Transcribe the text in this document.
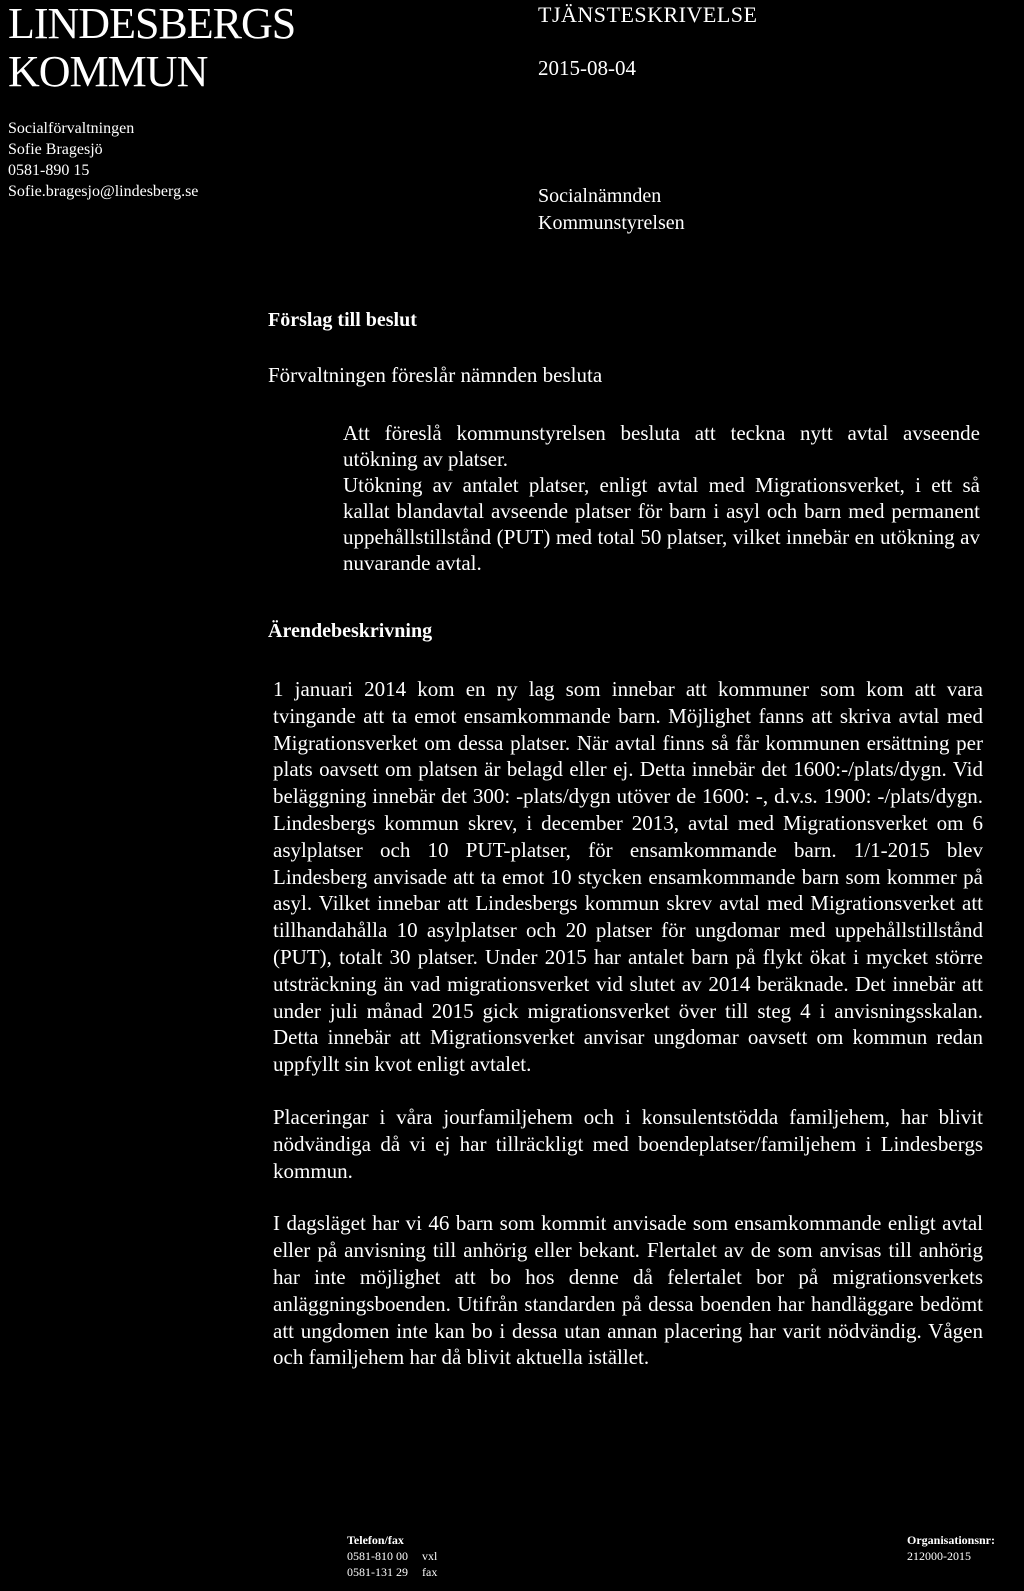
LINDESBERGS
KOMMUN
TJÄNSTESKRIVELSE
2015-08-04
Socialförvaltningen
Sofie Bragesjö
0581-890 15
Sofie.bragesjo@lindesberg.se	Socialnämnden
Kommunstyrelsen
Förslag till beslut
Förvaltningen föreslår nämnden besluta

Att föreslå kommunstyrelsen besluta att teckna nytt avtal avseende utökning av platser.

Utökning av antalet platser, enligt avtal med Migrationsverket, i ett så kallat blandavtal avseende platser för barn i asyl och barn med permanent uppehållstillstånd (PUT) med total 50 platser, vilket innebär en utökning av nuvarande avtal.

Ärendebeskrivning

1 januari 2014 kom en ny lag som innebar att kommuner som kom att vara tvingande att ta emot ensamkommande barn. Möjlighet fanns att skriva avtal med Migrationsverket om dessa platser. När avtal finns så får kommunen ersättning per plats oavsett om platsen är belagd eller ej. Detta innebär det 1600:-/plats/dygn. Vid beläggning innebär det 300: -plats/dygn utöver de 1600: -, d.v.s. 1900: -/plats/dygn. Lindesbergs kommun skrev, i december 2013, avtal med Migrationsverket om 6 asylplatser och 10 PUT-platser, för ensamkommande barn. 1/1-2015 blev Lindesberg anvisade att ta emot 10 stycken ensamkommande barn som kommer på asyl. Vilket innebar att Lindesbergs kommun skrev avtal med Migrationsverket att tillhandahålla 10 asylplatser och 20 platser för ungdomar med uppehållstillstånd (PUT), totalt 30 platser. Under 2015 har antalet barn på flykt ökat i mycket större utsträckning än vad migrationsverket vid slutet av 2014 beräknade. Det innebär att under juli månad 2015 gick migrationsverket över till steg 4 i anvisningsskalan. Detta innebär att Migrationsverket anvisar ungdomar oavsett om kommun redan uppfyllt sin kvot enligt avtalet.

Placeringar i våra jourfamiljehem och i konsulentstödda familjehem, har blivit nödvändiga då vi ej har tillräckligt med boendeplatser/familjehem i Lindesbergs kommun.

I dagsläget har vi 46 barn som kommit anvisade som ensamkommande enligt avtal eller på anvisning till anhörig eller bekant. Flertalet av de som anvisas till anhörig har inte möjlighet att bo hos denne då felertalet bor på migrationsverkets anläggningsboenden. Utifrån standarden på dessa boenden har handläggare bedömt att ungdomen inte kan bo i dessa utan annan placering har varit nödvändig. Vågen och familjehem har då blivit aktuella istället.

Telefon/fax
0581-810 00 vxl
0581-131 29 fax
Organisationsnr:
212000-2015
